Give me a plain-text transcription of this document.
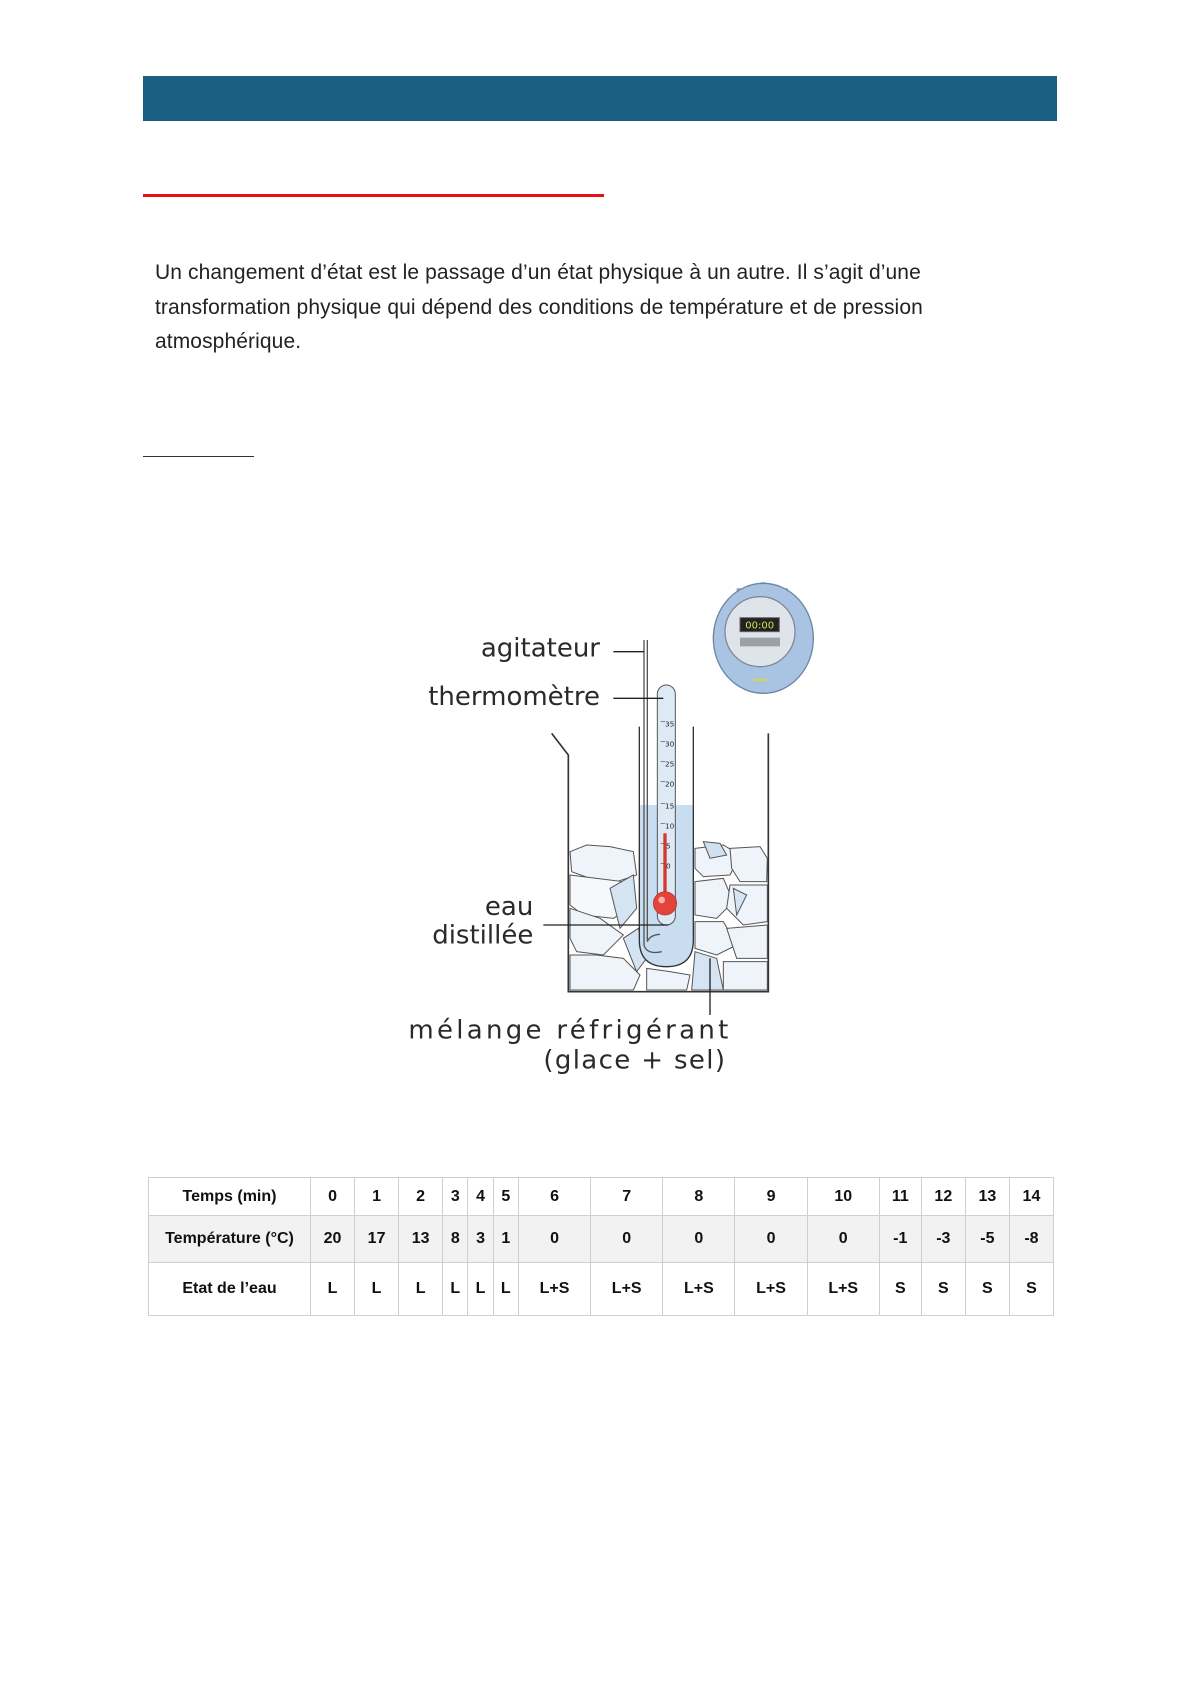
Un changement d’état est le passage d’un état physique à un autre. Il s’agit d’une transformation physique qui dépend des conditions de température et de pression atmosphérique.

00:00
35
30
25
20
15
10
5
0
agitateur
thermomètre
eau
distillée
mélange réfrigérant
(glace + sel)
Temps (min)	0	1	2	3	4	5	6	7	8	9	10	11	12	13	14
Température (°C)	20	17	13	8	3	1	0	0	0	0	0	-1	-3	-5	-8
Etat de l’eau	L	L	L	L	L	L	L+S	L+S	L+S	L+S	L+S	S	S	S	S
